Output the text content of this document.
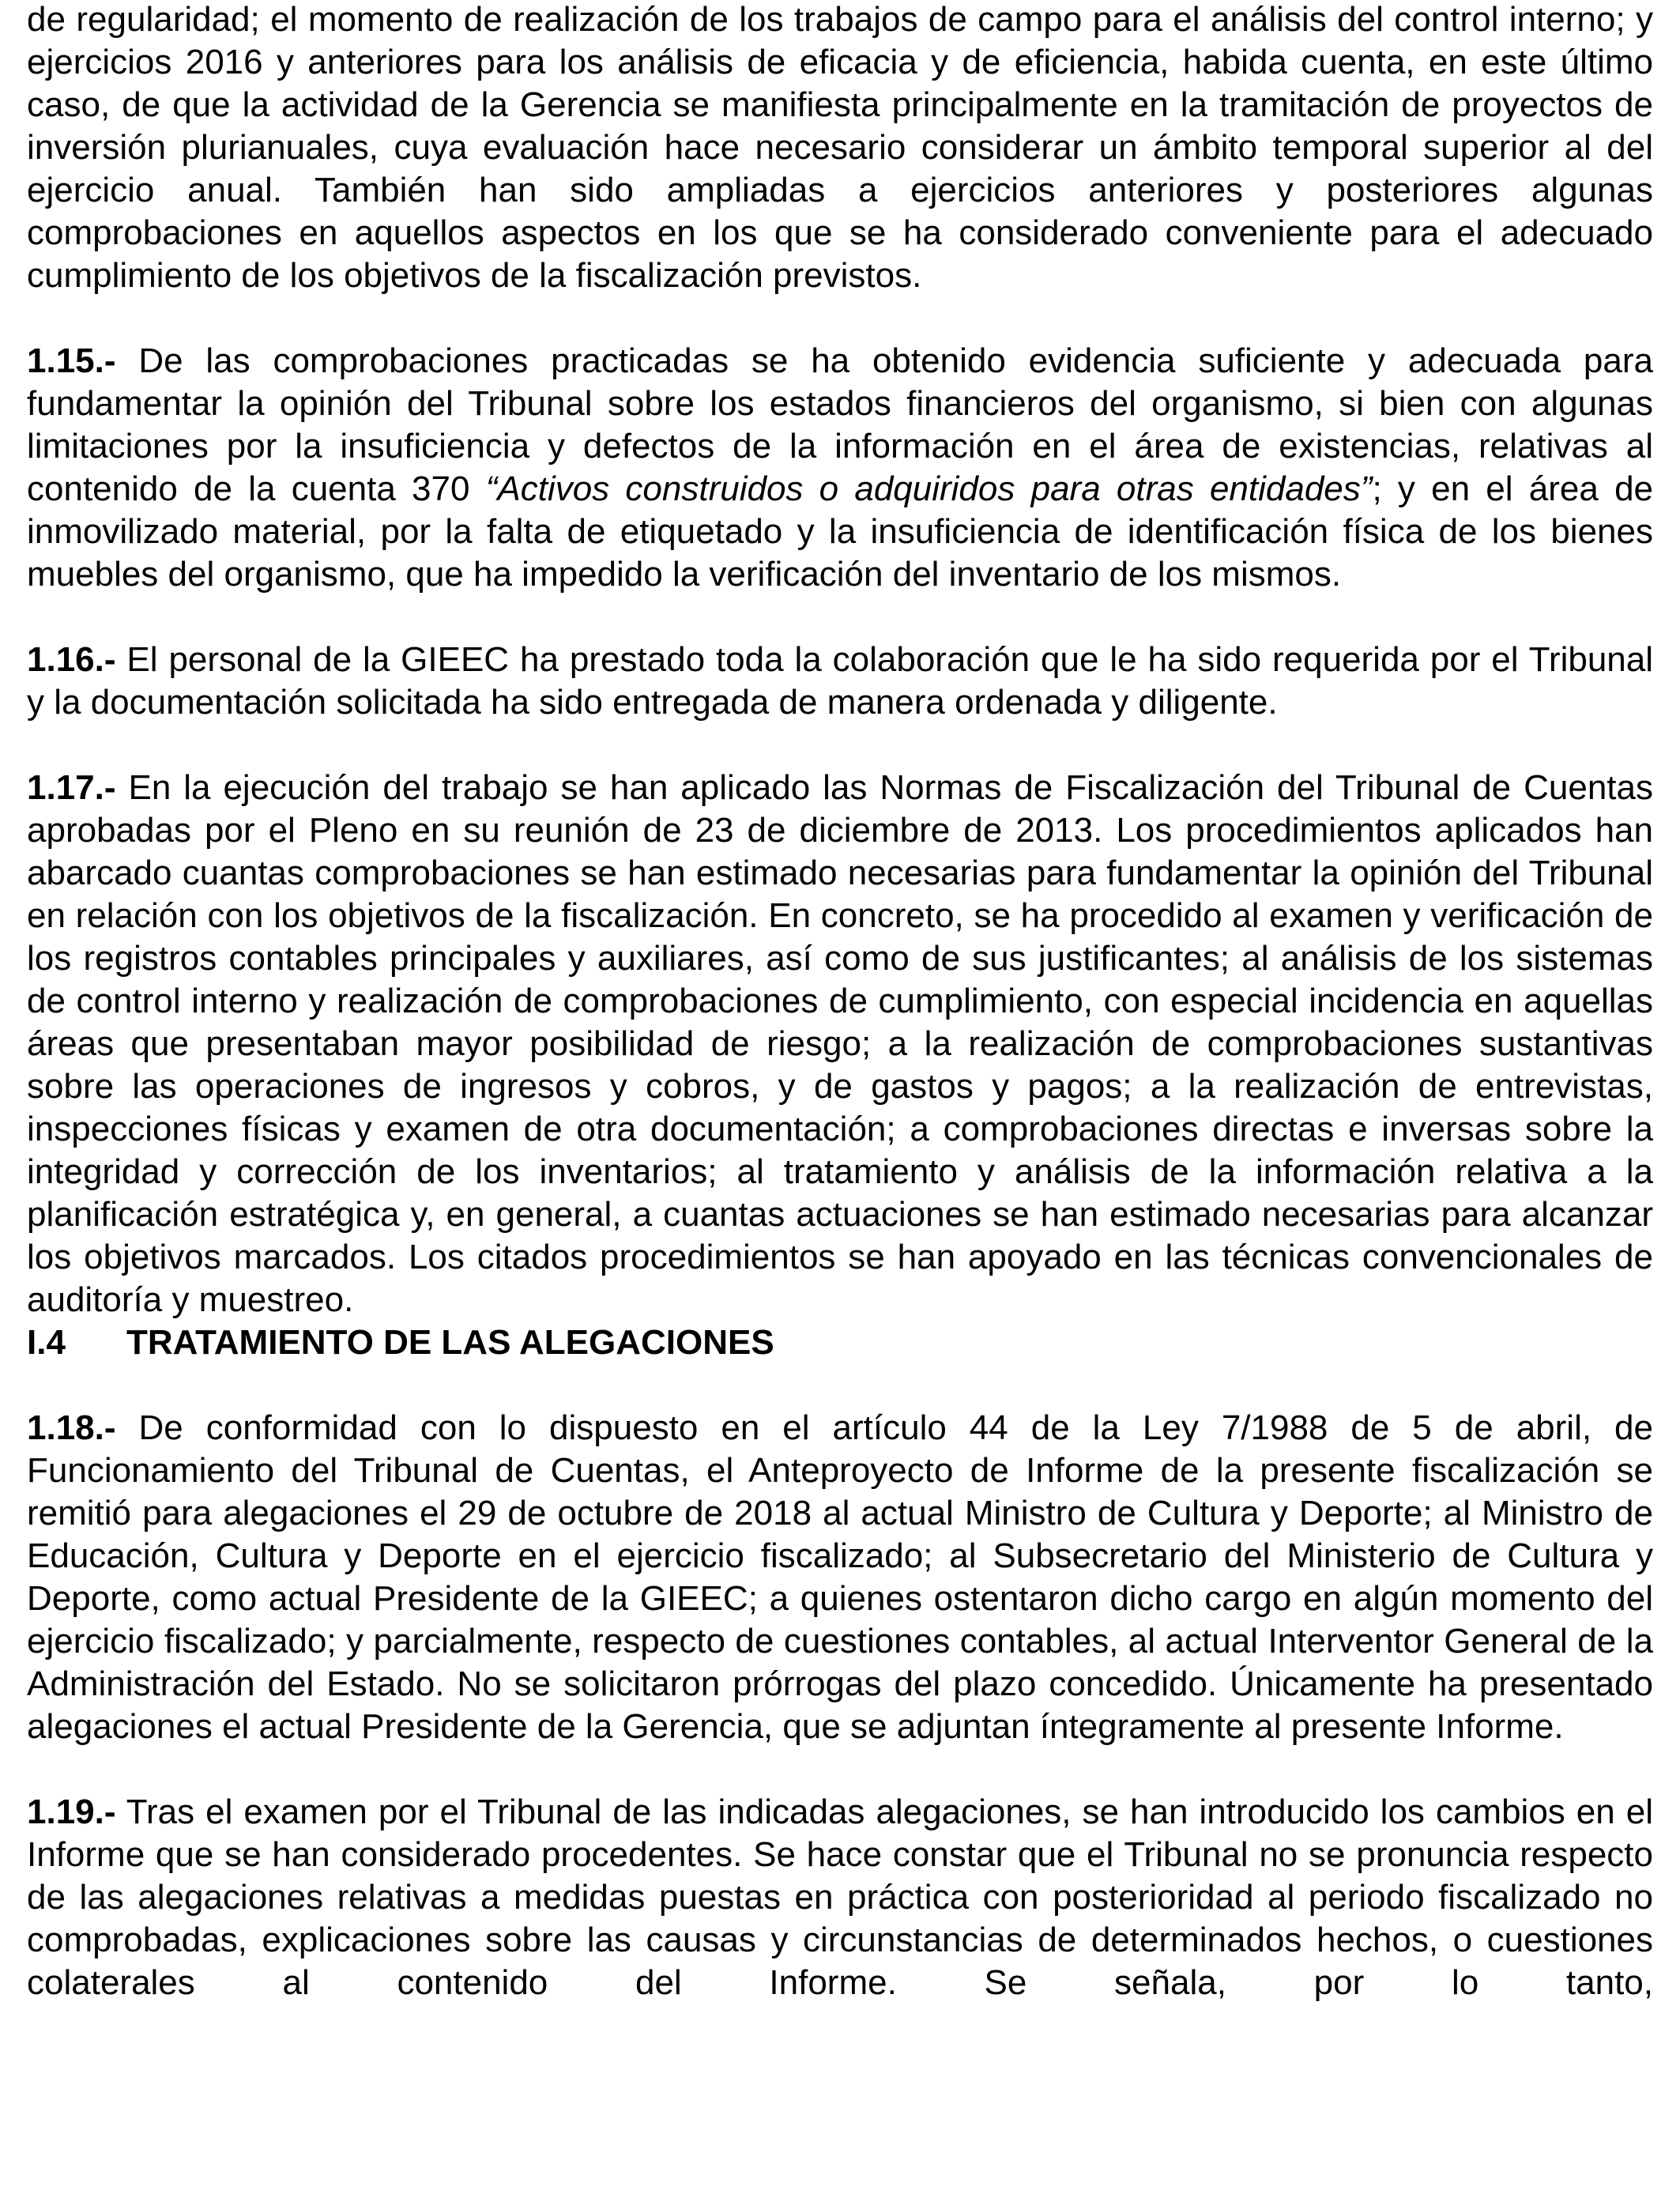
de regularidad; el momento de realización de los trabajos de campo para el análisis del control interno; y ejercicios 2016 y anteriores para los análisis de eficacia y de eficiencia, habida cuenta, en este último caso, de que la actividad de la Gerencia se manifiesta principalmente en la tramitación de proyectos de inversión plurianuales, cuya evaluación hace necesario considerar un ámbito temporal superior al del ejercicio anual. También han sido ampliadas a ejercicios anteriores y posteriores algunas comprobaciones en aquellos aspectos en los que se ha considerado conveniente para el adecuado cumplimiento de los objetivos de la fiscalización previstos.

1.15.- De las comprobaciones practicadas se ha obtenido evidencia suficiente y adecuada para fundamentar la opinión del Tribunal sobre los estados financieros del organismo, si bien con algunas limitaciones por la insuficiencia y defectos de la información en el área de existencias, relativas al contenido de la cuenta 370 “Activos construidos o adquiridos para otras entidades”; y en el área de inmovilizado material, por la falta de etiquetado y la insuficiencia de identificación física de los bienes muebles del organismo, que ha impedido la verificación del inventario de los mismos.

1.16.- El personal de la GIEEC ha prestado toda la colaboración que le ha sido requerida por el Tribunal y la documentación solicitada ha sido entregada de manera ordenada y diligente.

1.17.- En la ejecución del trabajo se han aplicado las Normas de Fiscalización del Tribunal de Cuentas aprobadas por el Pleno en su reunión de 23 de diciembre de 2013. Los procedimientos aplicados han abarcado cuantas comprobaciones se han estimado necesarias para fundamentar la opinión del Tribunal en relación con los objetivos de la fiscalización. En concreto, se ha procedido al examen y verificación de los registros contables principales y auxiliares, así como de sus justificantes; al análisis de los sistemas de control interno y realización de comprobaciones de cumplimiento, con especial incidencia en aquellas áreas que presentaban mayor posibilidad de riesgo; a la realización de comprobaciones sustantivas sobre las operaciones de ingresos y cobros, y de gastos y pagos; a la realización de entrevistas, inspecciones físicas y examen de otra documentación; a comprobaciones directas e inversas sobre la integridad y corrección de los inventarios; al tratamiento y análisis de la información relativa a la planificación estratégica y, en general, a cuantas actuaciones se han estimado necesarias para alcanzar los objetivos marcados. Los citados procedimientos se han apoyado en las técnicas convencionales de auditoría y muestreo.

I.4	TRATAMIENTO DE LAS ALEGACIONES

1.18.- De conformidad con lo dispuesto en el artículo 44 de la Ley 7/1988 de 5 de abril, de Funcionamiento del Tribunal de Cuentas, el Anteproyecto de Informe de la presente fiscalización se remitió para alegaciones el 29 de octubre de 2018 al actual Ministro de Cultura y Deporte; al Ministro de Educación, Cultura y Deporte en el ejercicio fiscalizado; al Subsecretario del Ministerio de Cultura y Deporte, como actual Presidente de la GIEEC; a quienes ostentaron dicho cargo en algún momento del ejercicio fiscalizado; y parcialmente, respecto de cuestiones contables, al actual Interventor General de la Administración del Estado. No se solicitaron prórrogas del plazo concedido. Únicamente ha presentado alegaciones el actual Presidente de la Gerencia, que se adjuntan íntegramente al presente Informe.

1.19.- Tras el examen por el Tribunal de las indicadas alegaciones, se han introducido los cambios en el Informe que se han considerado procedentes. Se hace constar que el Tribunal no se pronuncia respecto de las alegaciones relativas a medidas puestas en práctica con posterioridad al periodo fiscalizado no comprobadas, explicaciones sobre las causas y circunstancias de determinados hechos, o cuestiones colaterales al contenido del Informe. Se señala, por lo tanto,
